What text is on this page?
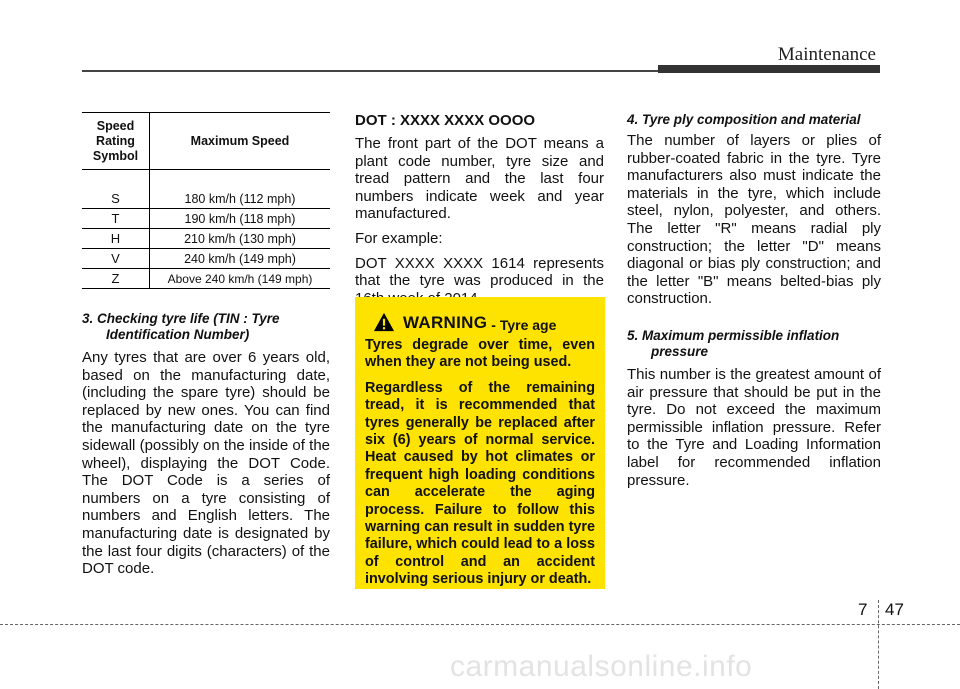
Maintenance
Speed
Rating
Symbol	Maximum Speed

S	180 km/h (112 mph)
T	190 km/h (118 mph)
H	210 km/h (130 mph)
V	240 km/h (149 mph)
Z	Above 240 km/h (149 mph)
3. Checking tyre life (TIN : Tyre
Identification Number)

Any tyres that are over 6 years old, based on the manufacturing date, (including the spare tyre) should be replaced by new ones. You can find the manufacturing date on the tyre sidewall (possibly on the inside of the wheel), displaying the DOT Code. The DOT Code is a series of numbers on a tyre consisting of numbers and English letters. The manufacturing date is designated by the last four digits (characters) of the DOT code.

DOT : XXXX XXXX OOOO

The front part of the DOT means a plant code number, tyre size and tread pattern and the last four numbers indicate week and year manufactured.

For example:

DOT XXXX XXXX 1614 represents that the tyre was produced in the

WARNING - Tyre age

Tyres degrade over time, even when they are not being used.

Regardless of the remaining tread, it is recommended that tyres generally be replaced after six (6) years of normal service. Heat caused by hot climates or frequent high loading conditions can accelerate the aging process. Failure to follow this warning can result in sudden tyre failure, which could lead to a loss of control and an accident involving serious injury or death.

4. Tyre ply composition and material

The number of layers or plies of rubber-coated fabric in the tyre. Tyre manufacturers also must indicate the materials in the tyre, which include steel, nylon, polyester, and others. The letter "R" means radial ply construction; the letter "D" means diagonal or bias ply construction; and the letter "B" means belted-bias ply construction.

5. Maximum permissible inflation
pressure

This number is the greatest amount of air pressure that should be put in the tyre. Do not exceed the maximum permissible inflation pressure. Refer to the Tyre and Loading Information label for recommended inflation pressure.

7 47
carmanualsonline.info
